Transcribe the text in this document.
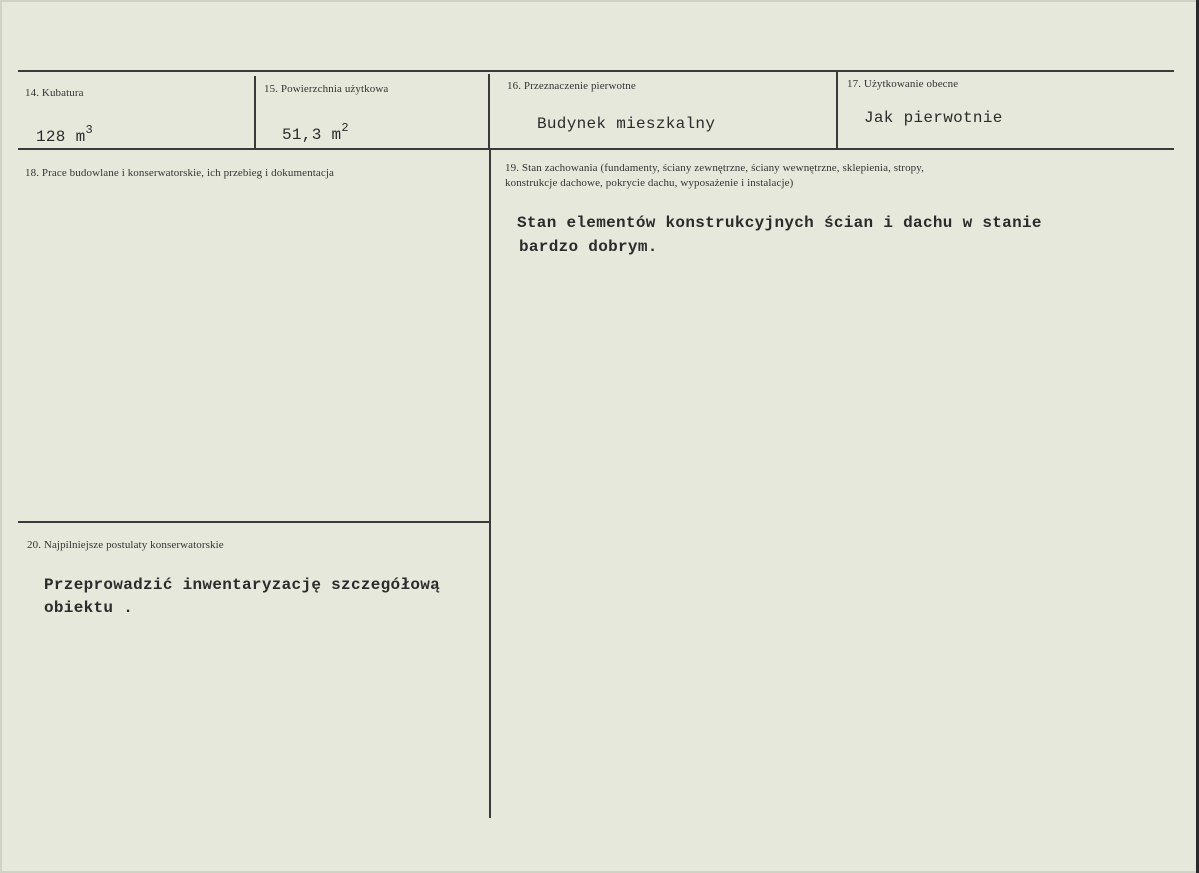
14. Kubatura
128 $m^3$
15. Powierzchnia użytkowa
51,3 $m^2$
16. Przeznaczenie pierwotne
Budynek mieszkalny
17. Użytkowanie obecne
Jak pierwotnie
18. Prace budowlane i konserwatorskie, ich przebieg i dokumentacja	19. Stan zachowania (fundamenty, ściany zewnętrzne, ściany wewnętrzne, sklepienia, stropy,
konstrukcje dachowe, pokrycie dachu, wyposażenie i instalacje)
Stan elementów konstrukcyjnych ścian i dachu w stanie
bardzo dobrym.
20. Najpilniejsze postulaty konserwatorskie
Przeprowadzić inwentaryzację szczegółową
obiektu .
